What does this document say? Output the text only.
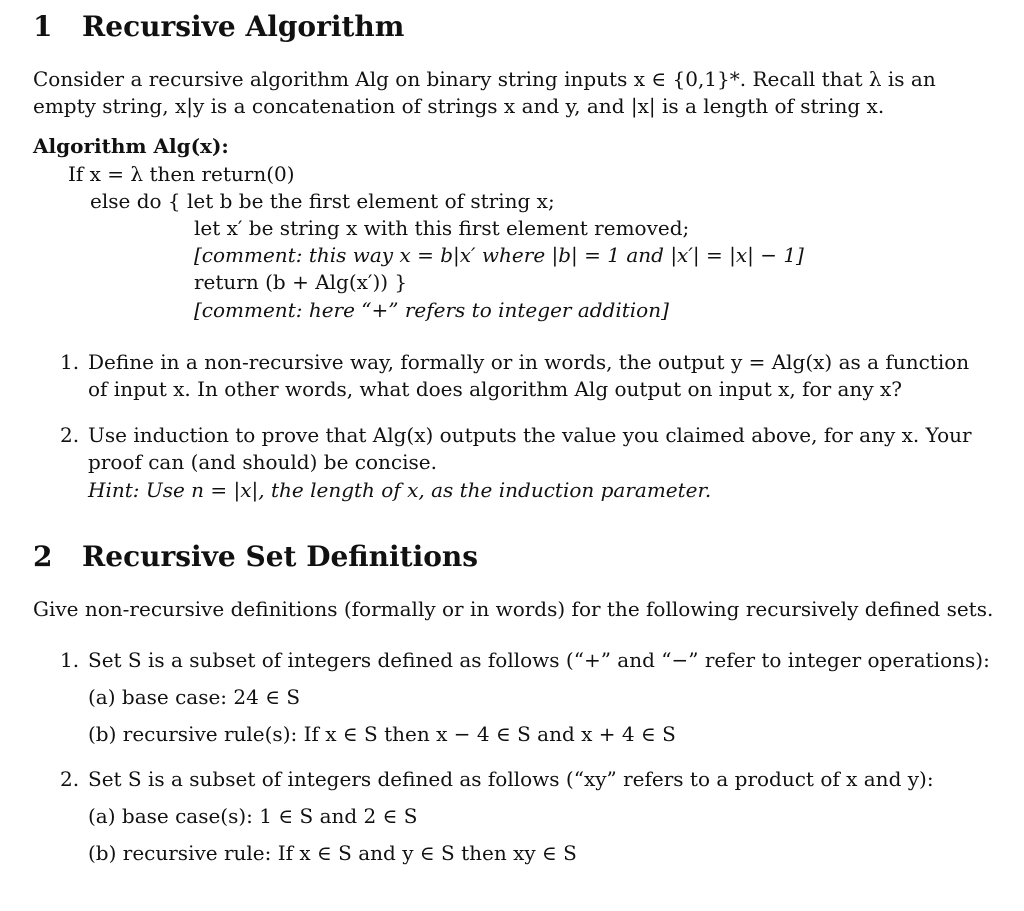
1 Recursive Algorithm
Consider a recursive algorithm Alg on binary string inputs x ∈ {0,1}*. Recall that λ is an
empty string, x|y is a concatenation of strings x and y, and |x| is a length of string x.
Algorithm Alg(x):
If x = λ then return(0)
else do { let b be the first element of string x;
let x′ be string x with this first element removed;
[comment: this way x = b|x′ where |b| = 1 and |x′| = |x| − 1]
return (b + Alg(x′)) }
[comment: here “+” refers to integer addition]
1. Define in a non-recursive way, formally or in words, the output y = Alg(x) as a function
of input x. In other words, what does algorithm Alg output on input x, for any x?
2. Use induction to prove that Alg(x) outputs the value you claimed above, for any x. Your
proof can (and should) be concise.
Hint: Use n = |x|, the length of x, as the induction parameter.
2 Recursive Set Definitions
Give non-recursive definitions (formally or in words) for the following recursively defined sets.
1. Set S is a subset of integers defined as follows (“+” and “−” refer to integer operations):
(a) base case: 24 ∈ S
(b) recursive rule(s): If x ∈ S then x − 4 ∈ S and x + 4 ∈ S
2. Set S is a subset of integers defined as follows (“xy” refers to a product of x and y):
(a) base case(s): 1 ∈ S and 2 ∈ S
(b) recursive rule: If x ∈ S and y ∈ S then xy ∈ S
